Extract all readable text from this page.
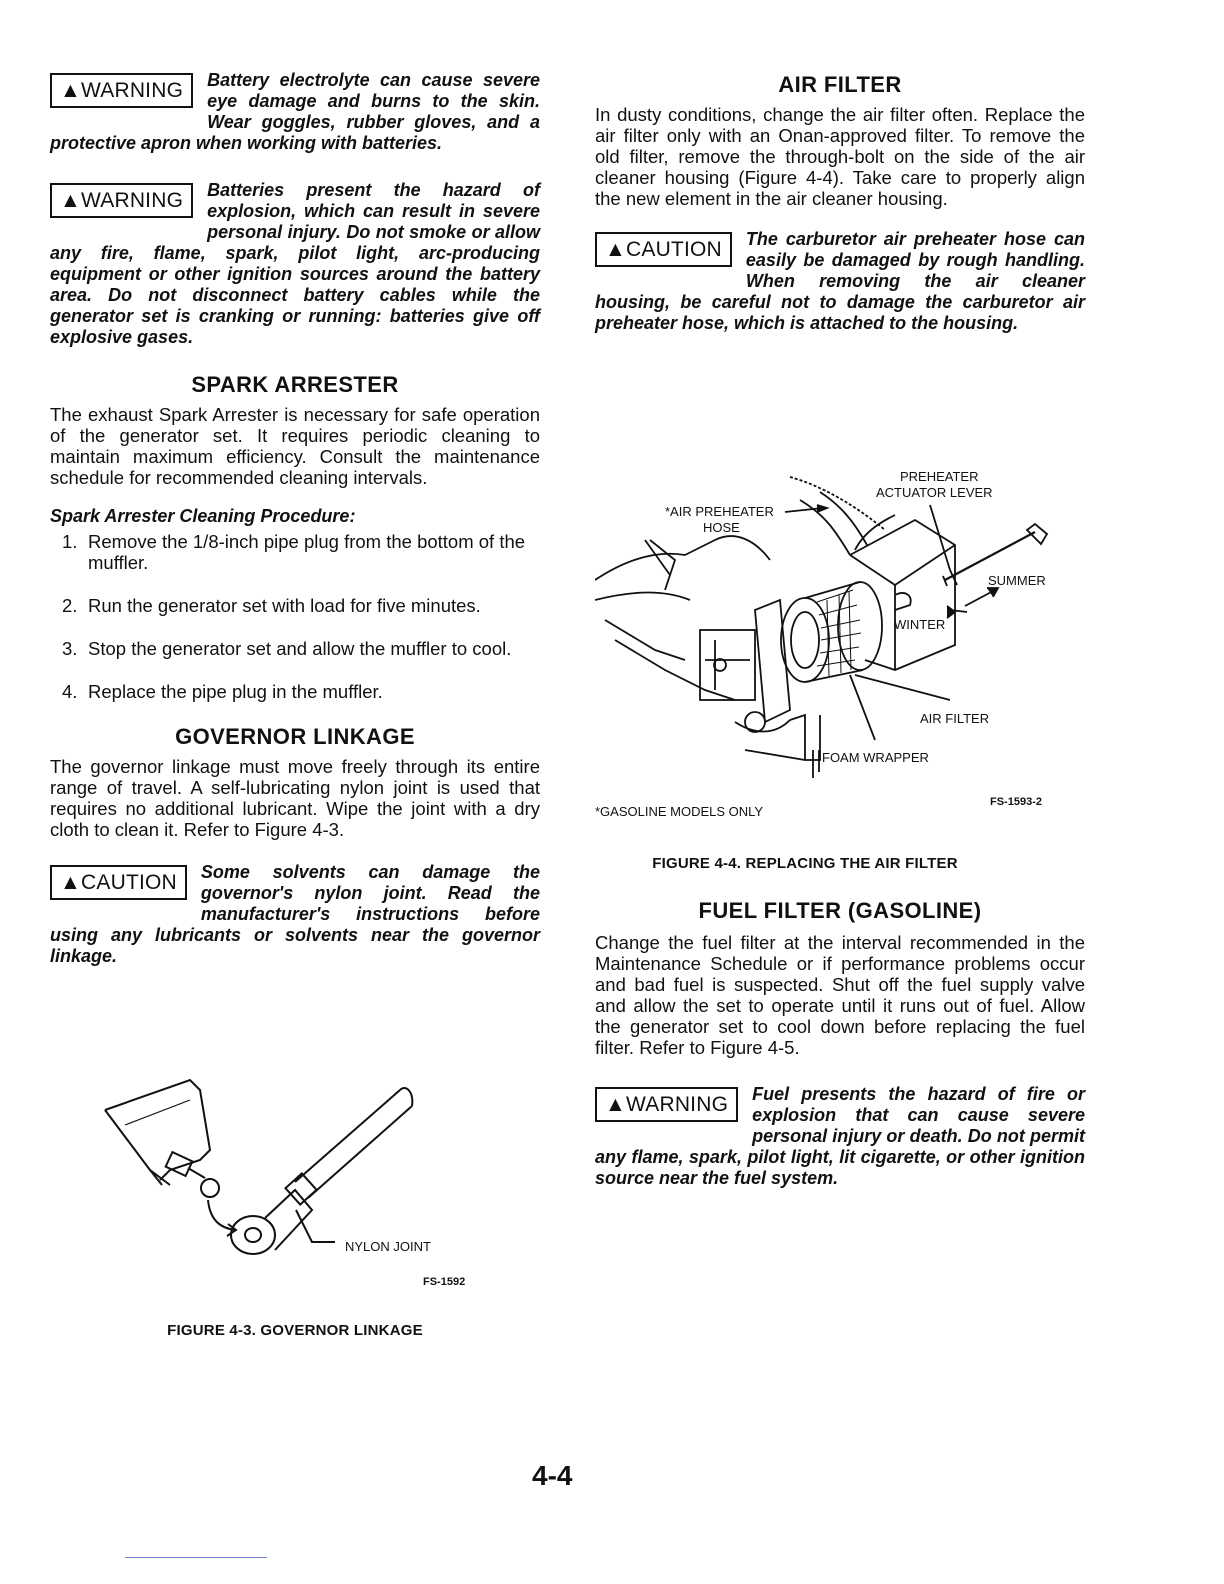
▲WARNING	Battery electrolyte can cause severe eye damage and burns to the skin. Wear goggles, rubber gloves, and a protective apron when working with batteries.
▲WARNING	Batteries present the hazard of explosion, which can result in severe personal injury. Do not smoke or allow any fire, flame, spark, pilot light, arc-producing equipment or other ignition sources around the battery area. Do not disconnect battery cables while the generator set is cranking or running: batteries give off explosive gases.
SPARK ARRESTER
The exhaust Spark Arrester is necessary for safe operation of the generator set. It requires periodic cleaning to maintain maximum efficiency. Consult the maintenance schedule for recommended cleaning intervals.
Spark Arrester Cleaning Procedure:
1. Remove the 1/8-inch pipe plug from the bottom of the muffler.
2. Run the generator set with load for five minutes.
3. Stop the generator set and allow the muffler to cool.
4. Replace the pipe plug in the muffler.
GOVERNOR LINKAGE
The governor linkage must move freely through its entire range of travel. A self-lubricating nylon joint is used that requires no additional lubricant. Wipe the joint with a dry cloth to clean it. Refer to Figure 4-3.
▲CAUTION	Some solvents can damage the governor's nylon joint. Read the manufacturer's instructions before using any lubricants or solvents near the governor linkage.
NYLON JOINT
FS-1592
FIGURE 4-3. GOVERNOR LINKAGE
AIR FILTER
In dusty conditions, change the air filter often. Replace the air filter only with an Onan-approved filter. To remove the old filter, remove the through-bolt on the side of the air cleaner housing (Figure 4-4). Take care to properly align the new element in the air cleaner housing.
▲CAUTION	The carburetor air preheater hose can easily be damaged by rough handling. When removing the air cleaner housing, be careful not to damage the carburetor air preheater hose, which is attached to the housing.
PREHEATER
ACTUATOR LEVER
*AIR PREHEATER
HOSE
SUMMER
WINTER
AIR FILTER
FOAM WRAPPER
*GASOLINE MODELS ONLY
FS-1593-2
FIGURE 4-4. REPLACING THE AIR FILTER
FUEL FILTER (GASOLINE)
Change the fuel filter at the interval recommended in the Maintenance Schedule or if performance problems occur and bad fuel is suspected. Shut off the fuel supply valve and allow the set to operate until it runs out of fuel. Allow the generator set to cool down before replacing the fuel filter. Refer to Figure 4-5.
▲WARNING	Fuel presents the hazard of fire or explosion that can cause severe personal injury or death. Do not permit any flame, spark, pilot light, lit cigarette, or other ignition source near the fuel system.
4-4
